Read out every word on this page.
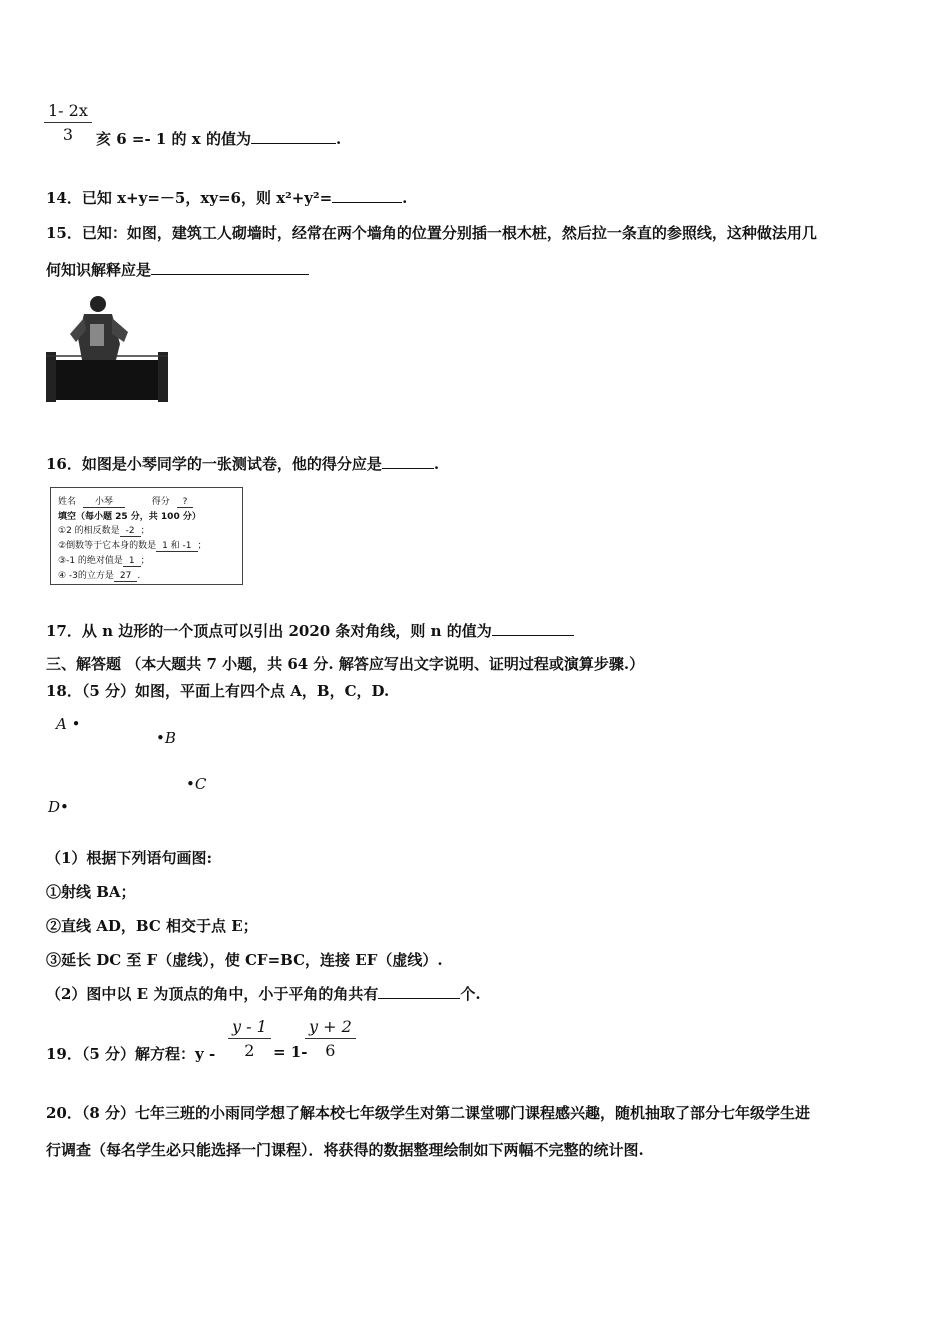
1- 2x
3	亥 6 =- 1 的 x 的值为	.
14．已知 x+y=－5，xy=6，则 x²+y²=	.
15．已知：如图，建筑工人砌墙时，经常在两个墙角的位置分别插一根木桩，然后拉一条直的参照线，这种做法用几
何知识解释应是
16．如图是小琴同学的一张测试卷，他的得分应是	.
姓名 小琴	得分 ?
填空（每小题 25 分，共 100 分）
①2 的相反数是 -2 ；
②倒数等于它本身的数是 1 和 -1 ；
③-1 的绝对值是 1 ；
④ -3的立方是 27 .
17．从 n 边形的一个顶点可以引出 2020 条对角线，则 n 的值为
三、解答题 （本大题共 7 小题，共 64 分. 解答应写出文字说明、证明过程或演算步骤.）
18．（5 分）如图，平面上有四个点 A，B，C，D.
A •
•B
•C
D•
（1）根据下列语句画图:
①射线 BA；
②直线 AD，BC 相交于点 E；
③延长 DC 至 F（虚线），使 CF=BC，连接 EF（虚线）.
（2）图中以 E 为顶点的角中，小于平角的角共有	个.
19．（5 分）解方程：y -
y - 1
2	= 1-
y + 2
6
20．（8 分）七年三班的小雨同学想了解本校七年级学生对第二课堂哪门课程感兴趣，随机抽取了部分七年级学生进
行调查（每名学生必只能选择一门课程）．将获得的数据整理绘制如下两幅不完整的统计图.
